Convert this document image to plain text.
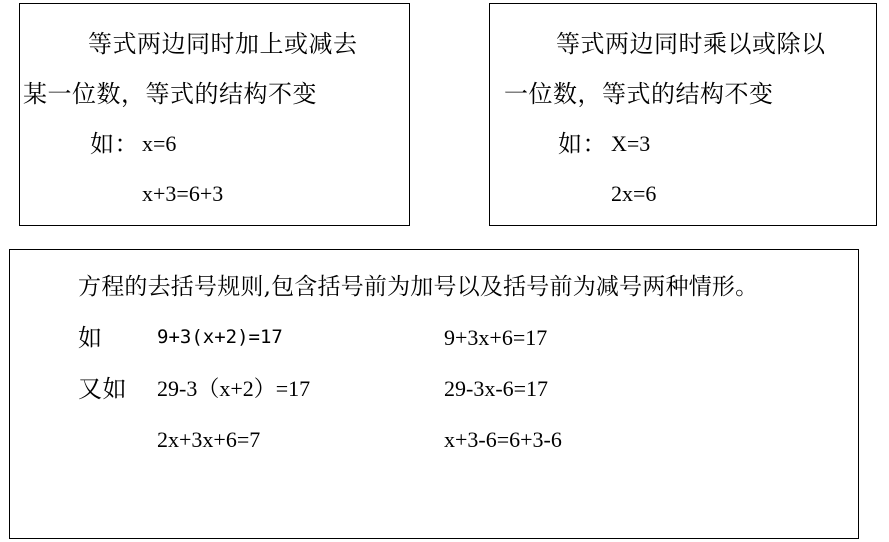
等式两边同时加上或减去
某一位数，等式的结构不变
如： x=6
x+3=6+3
等式两边同时乘以或除以
一位数，等式的结构不变
如： X=3
2x=6
方程的去括号规则,包含括号前为加号以及括号前为减号两种情形。
如	9+3(x+2)=17	9+3x+6=17
又如 29-3（x+2）=17	29-3x-6=17
2x+3x+6=7	x+3-6=6+3-6
